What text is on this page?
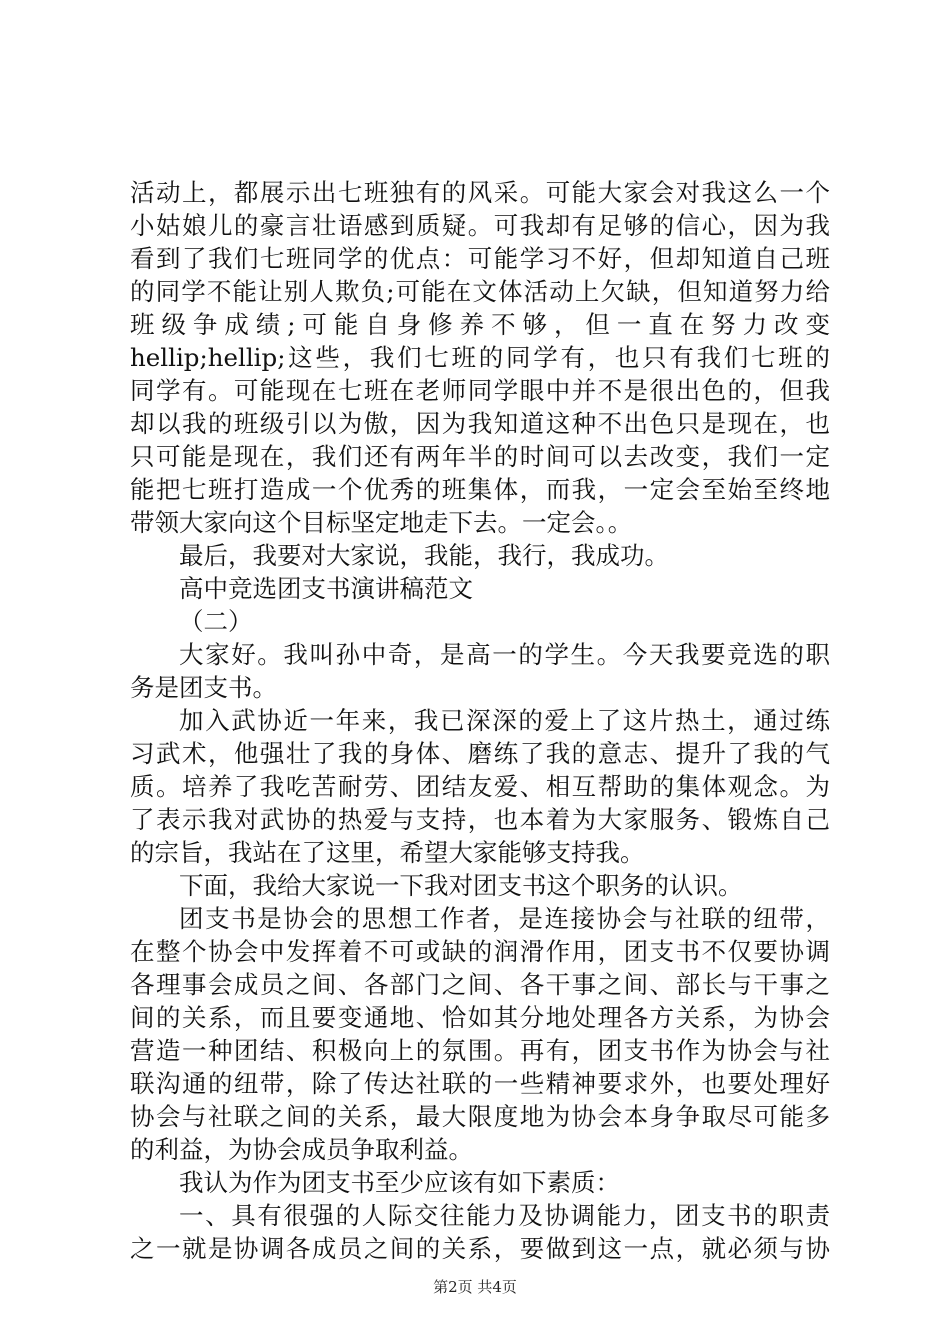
活动上，都展示出七班独有的风采。可能大家会对我这么一个
小姑娘儿的豪言壮语感到质疑。可我却有足够的信心，因为我
看到了我们七班同学的优点：可能学习不好，但却知道自己班
的同学不能让别人欺负;可能在文体活动上欠缺，但知道努力给
班级争成绩;可能自身修养不够，但一直在努力改变
hellip;hellip;这些，我们七班的同学有，也只有我们七班的
同学有。可能现在七班在老师同学眼中并不是很出色的，但我
却以我的班级引以为傲，因为我知道这种不出色只是现在，也
只可能是现在，我们还有两年半的时间可以去改变，我们一定
能把七班打造成一个优秀的班集体，而我，一定会至始至终地
带领大家向这个目标坚定地走下去。一定会。。
最后，我要对大家说，我能，我行，我成功。
高中竞选团支书演讲稿范文
（二）
大家好。我叫孙中奇，是高一的学生。今天我要竞选的职
务是团支书。
加入武协近一年来，我已深深的爱上了这片热土，通过练
习武术，他强壮了我的身体、磨练了我的意志、提升了我的气
质。培养了我吃苦耐劳、团结友爱、相互帮助的集体观念。为
了表示我对武协的热爱与支持，也本着为大家服务、锻炼自己
的宗旨，我站在了这里，希望大家能够支持我。
下面，我给大家说一下我对团支书这个职务的认识。
团支书是协会的思想工作者，是连接协会与社联的纽带，
在整个协会中发挥着不可或缺的润滑作用，团支书不仅要协调
各理事会成员之间、各部门之间、各干事之间、部长与干事之
间的关系，而且要变通地、恰如其分地处理各方关系，为协会
营造一种团结、积极向上的氛围。再有，团支书作为协会与社
联沟通的纽带，除了传达社联的一些精神要求外，也要处理好
协会与社联之间的关系，最大限度地为协会本身争取尽可能多
的利益，为协会成员争取利益。
我认为作为团支书至少应该有如下素质：
一、具有很强的人际交往能力及协调能力，团支书的职责
之一就是协调各成员之间的关系，要做到这一点，就必须与协
第2页 共4页
